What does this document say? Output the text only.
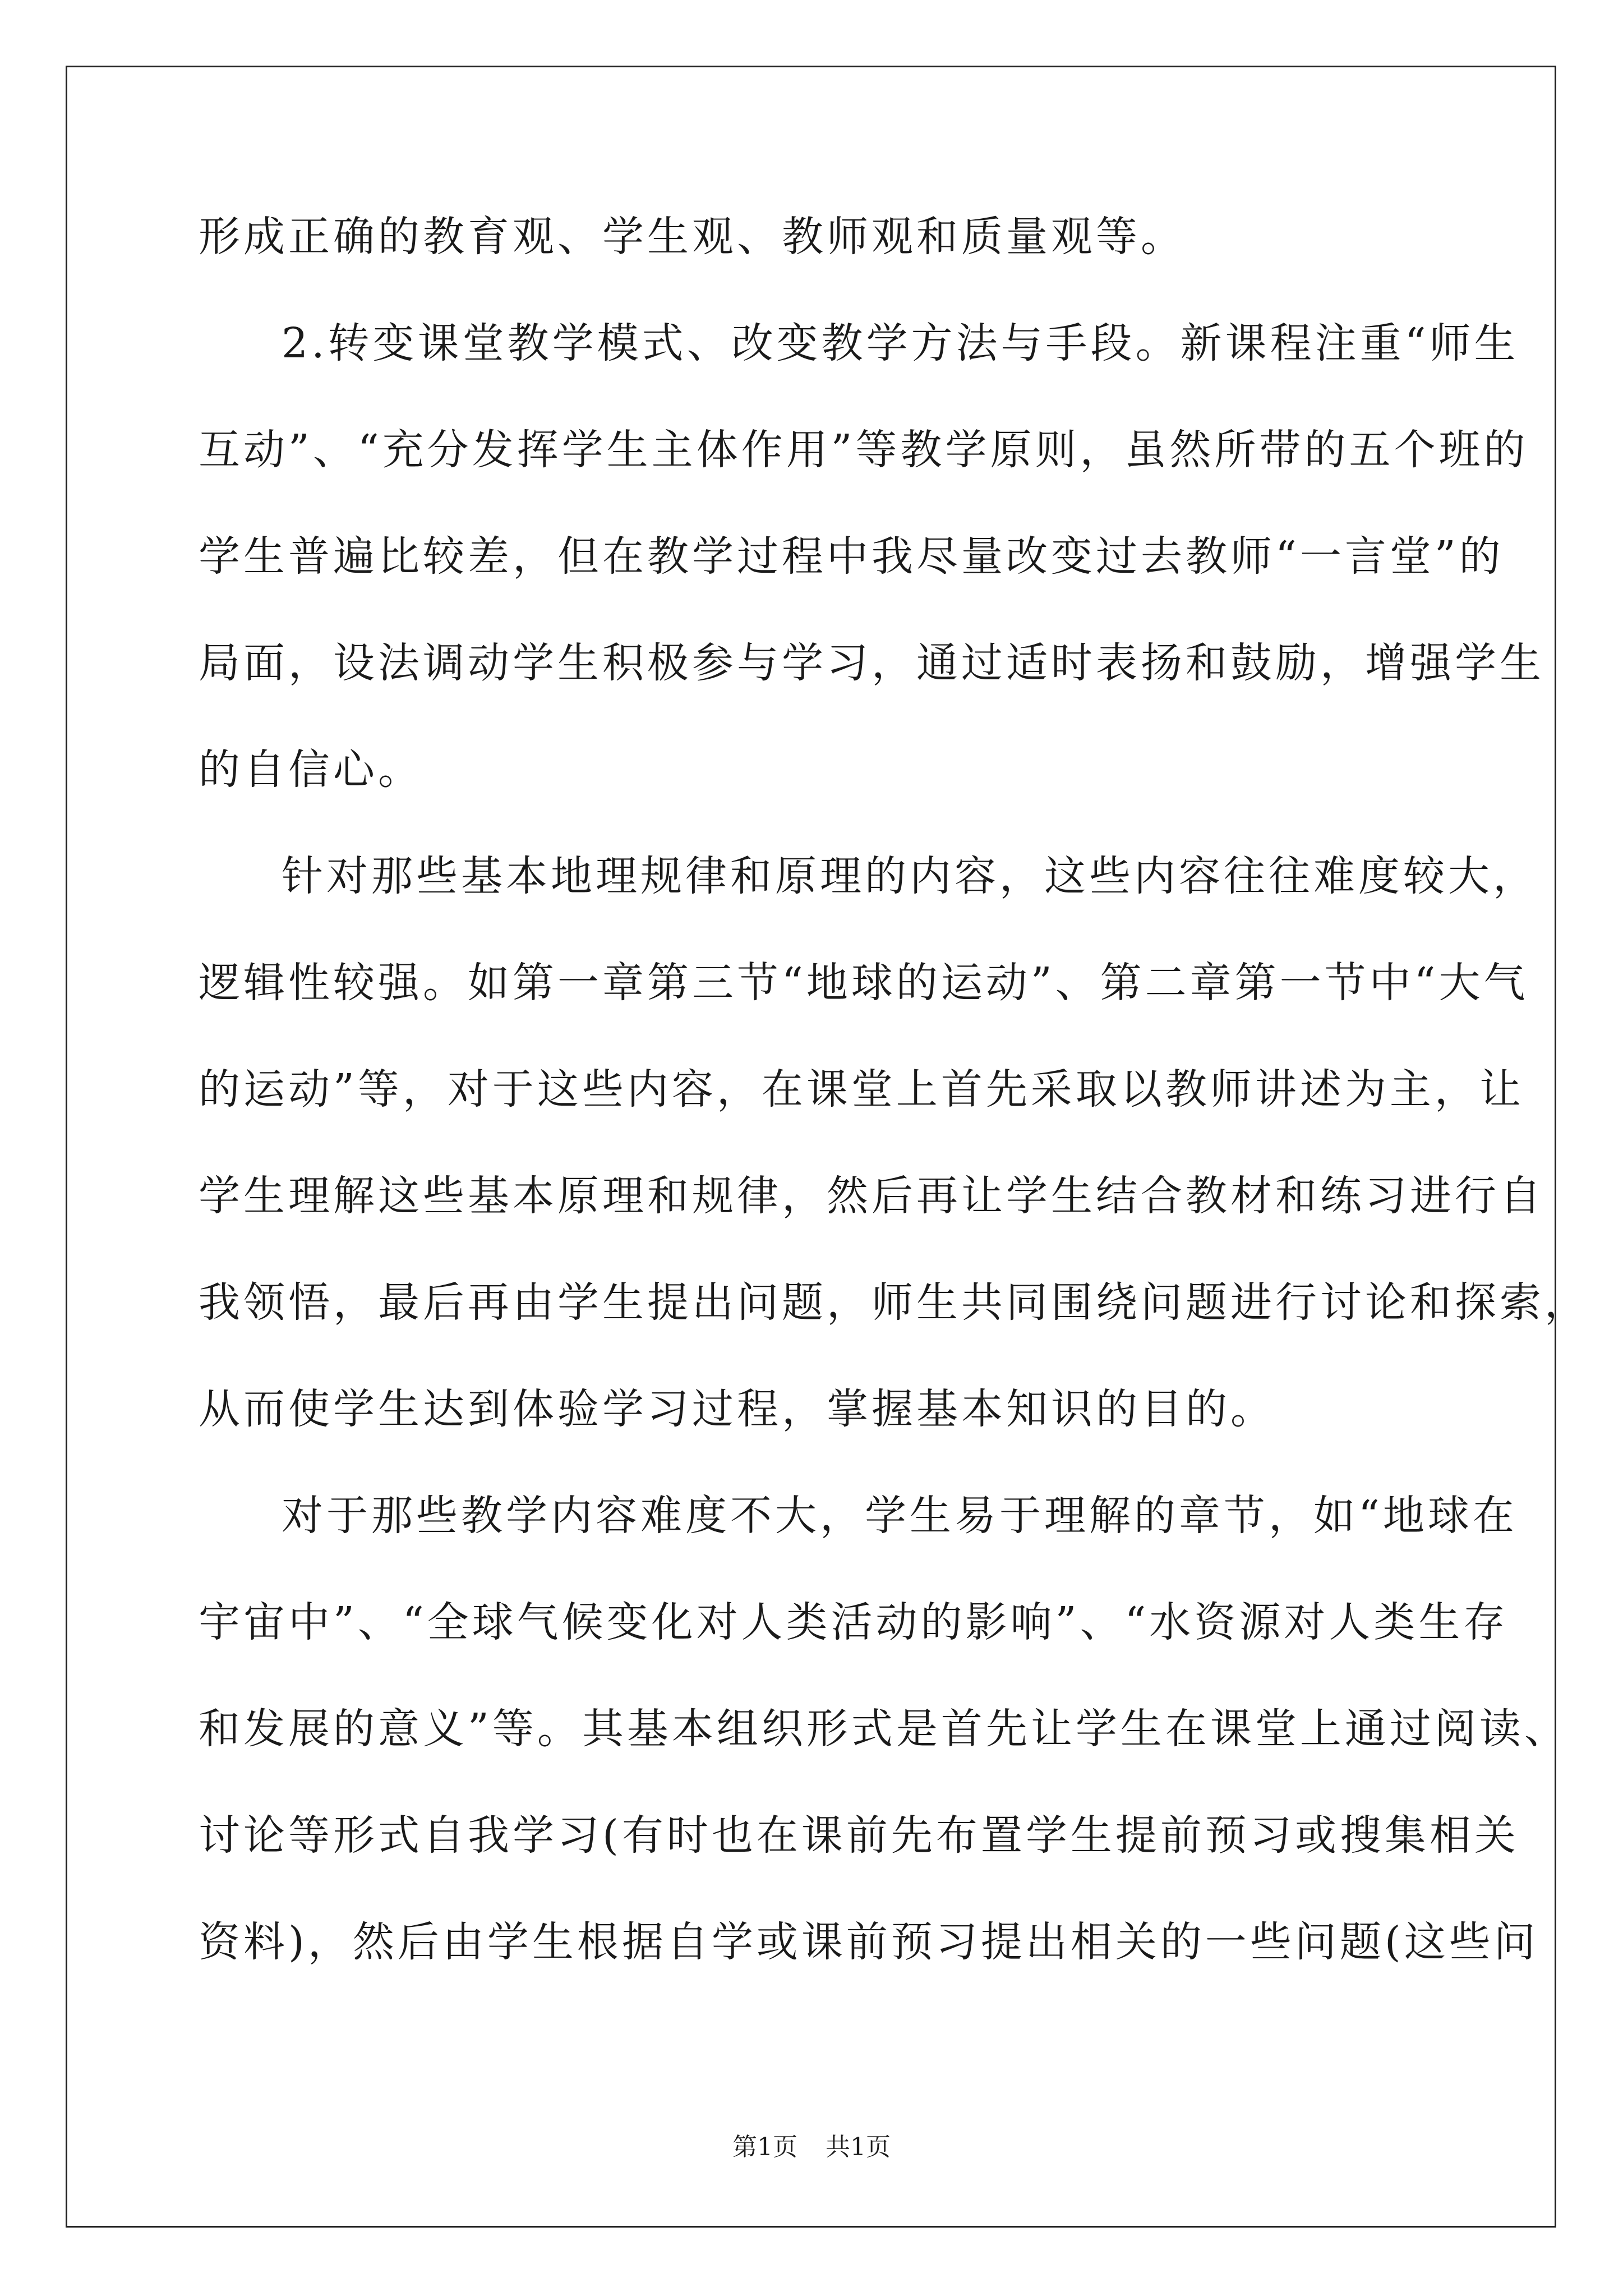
形成正确的教育观、学生观、教师观和质量观等。
2.转变课堂教学模式、改变教学方法与手段。新课程注重“师生
互动”、“充分发挥学生主体作用”等教学原则，虽然所带的五个班的
学生普遍比较差，但在教学过程中我尽量改变过去教师“一言堂”的
局面，设法调动学生积极参与学习，通过适时表扬和鼓励，增强学生
的自信心。
针对那些基本地理规律和原理的内容，这些内容往往难度较大，
逻辑性较强。如第一章第三节“地球的运动”、第二章第一节中“大气
的运动”等，对于这些内容，在课堂上首先采取以教师讲述为主，让
学生理解这些基本原理和规律，然后再让学生结合教材和练习进行自
我领悟，最后再由学生提出问题，师生共同围绕问题进行讨论和探索，
从而使学生达到体验学习过程，掌握基本知识的目的。
对于那些教学内容难度不大，学生易于理解的章节，如“地球在
宇宙中”、“全球气候变化对人类活动的影响”、“水资源对人类生存
和发展的意义”等。其基本组织形式是首先让学生在课堂上通过阅读、
讨论等形式自我学习(有时也在课前先布置学生提前预习或搜集相关
资料)，然后由学生根据自学或课前预习提出相关的一些问题(这些问
第1页 共1页
